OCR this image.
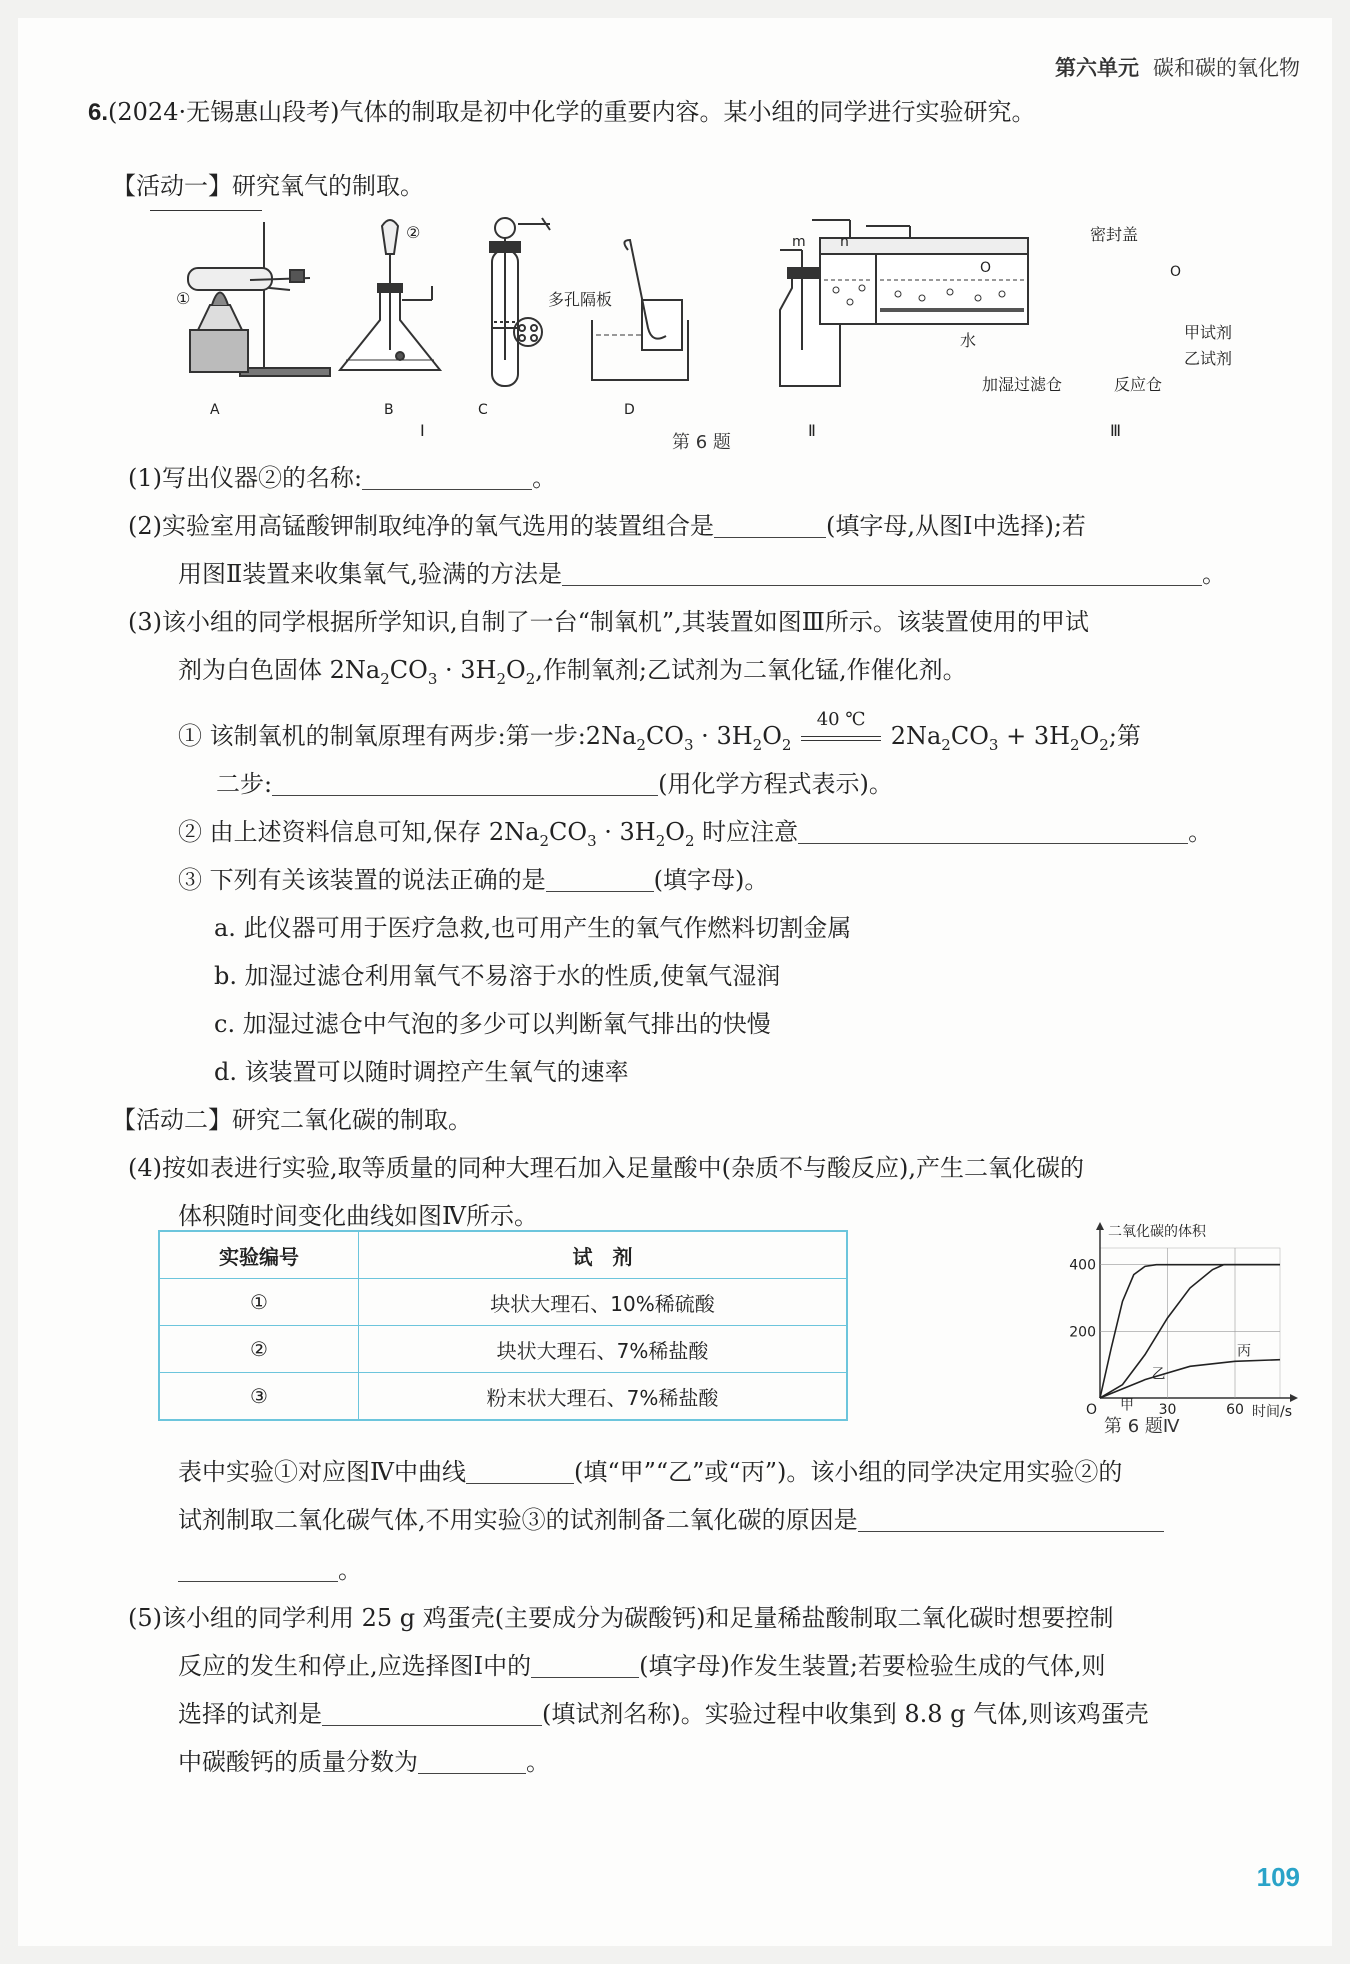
第六单元 碳和碳的氧化物
6.(2024·无锡惠山段考)气体的制取是初中化学的重要内容。某小组的同学进行实验研究。
【活动一】研究氧气的制取。
①
②
多孔隔板
A	B	C	D
Ⅰ
m n
Ⅱ
密封盖
O	O
水	甲试剂
乙试剂
加湿过滤仓	反应仓
Ⅲ
第 6 题
(1)写出仪器②的名称:	。
(2)实验室用高锰酸钾制取纯净的氧气选用的装置组合是	(填字母,从图Ⅰ中选择);若
用图Ⅱ装置来收集氧气,验满的方法是	。
(3)该小组的同学根据所学知识,自制了一台“制氧机”,其装置如图Ⅲ所示。该装置使用的甲试
剂为白色固体 $2Na_2CO_3 \cdot 3H_2O_2$,作制氧剂;乙试剂为二氧化锰,作催化剂。
① 该制氧机的制氧原理有两步:第一步$:2Na_2CO_3 \cdot 3H_2O_2$
40 ℃
$2Na_2CO_3 + 3H_2O_2$;第
二步:	(用化学方程式表示)。
② 由上述资料信息可知,保存 $2Na_2CO_3 \cdot 3H_2O_2$ 时应注意	。
③ 下列有关该装置的说法正确的是	(填字母)。
a. 此仪器可用于医疗急救,也可用产生的氧气作燃料切割金属
b. 加湿过滤仓利用氧气不易溶于水的性质,使氧气湿润
c. 加湿过滤仓中气泡的多少可以判断氧气排出的快慢
d. 该装置可以随时调控产生氧气的速率
【活动二】研究二氧化碳的制取。
(4)按如表进行实验,取等质量的同种大理石加入足量酸中(杂质不与酸反应),产生二氧化碳的
体积随时间变化曲线如图Ⅳ所示。
实验编号	试　剂
①	块状大理石、10%稀硫酸
②	块状大理石、7%稀盐酸
③	粉末状大理石、7%稀盐酸
二氧化碳的体积
O	时间/s
200
400
30	60
甲
乙
丙
第 6 题Ⅳ
表中实验①对应图Ⅳ中曲线	(填“甲”“乙”或“丙”)。该小组的同学决定用实验②的
试剂制取二氧化碳气体,不用实验③的试剂制备二氧化碳的原因是
。
(5)该小组的同学利用 25 g 鸡蛋壳(主要成分为碳酸钙)和足量稀盐酸制取二氧化碳时想要控制
反应的发生和停止,应选择图Ⅰ中的	(填字母)作发生装置;若要检验生成的气体,则
选择的试剂是	(填试剂名称)。实验过程中收集到 8.8 g 气体,则该鸡蛋壳
中碳酸钙的质量分数为	。
109
